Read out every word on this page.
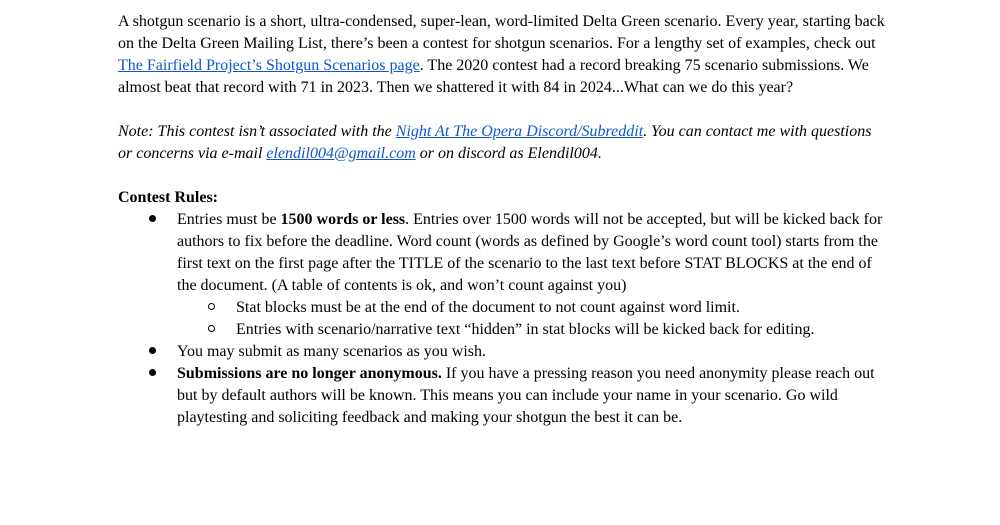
A shotgun scenario is a short, ultra-condensed, super-lean, word-limited Delta Green scenario. Every year, starting back on the Delta Green Mailing List, there’s been a contest for shotgun scenarios. For a lengthy set of examples, check out The Fairfield Project’s Shotgun Scenarios page. The 2020 contest had a record breaking 75 scenario submissions. We almost beat that record with 71 in 2023. Then we shattered it with 84 in 2024...What can we do this year?

Note: This contest isn’t associated with the Night At The Opera Discord/Subreddit. You can contact me with questions or concerns via e-mail elendil004@gmail.com or on discord as Elendil004.

Contest Rules:

Entries must be 1500 words or less. Entries over 1500 words will not be accepted, but will be kicked back for authors to fix before the deadline. Word count (words as defined by Google’s word count tool) starts from the first text on the first page after the TITLE of the scenario to the last text before STAT BLOCKS at the end of the document. (A table of contents is ok, and won’t count against you)
Stat blocks must be at the end of the document to not count against word limit.
Entries with scenario/narrative text “hidden” in stat blocks will be kicked back for editing.
You may submit as many scenarios as you wish.
Submissions are no longer anonymous. If you have a pressing reason you need anonymity please reach out but by default authors will be known. This means you can include your name in your scenario. Go wild playtesting and soliciting feedback and making your shotgun the best it can be.
